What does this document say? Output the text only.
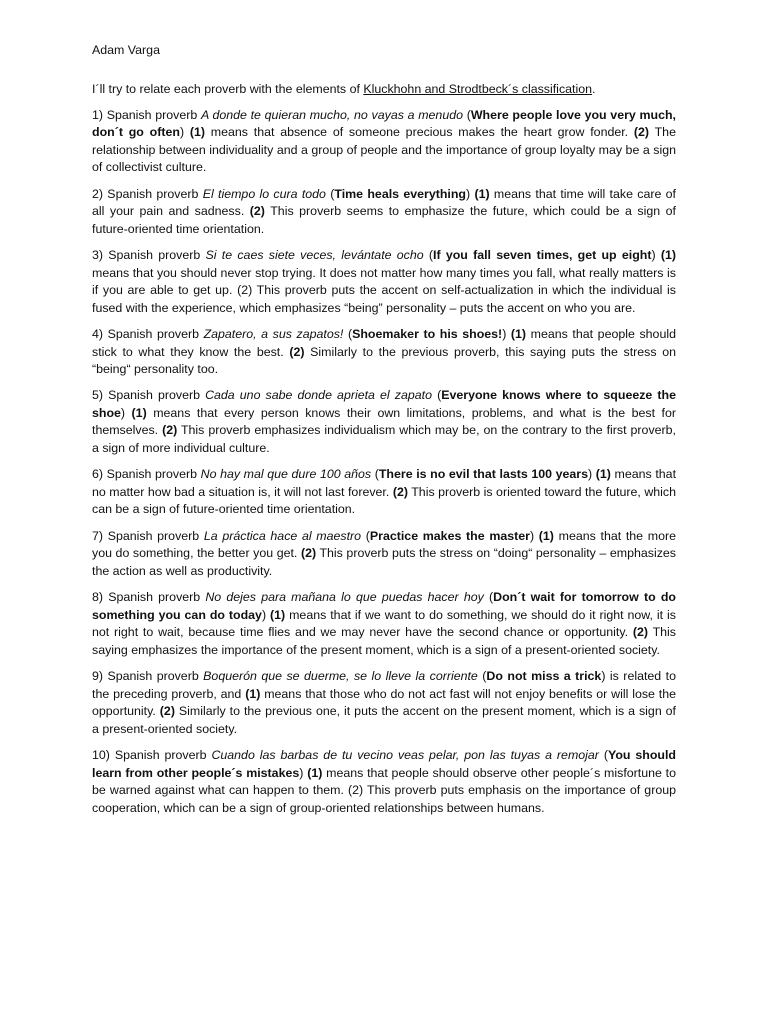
Adam Varga
I´ll try to relate each proverb with the elements of Kluckhohn and Strodtbeck´s classification.
1) Spanish proverb A donde te quieran mucho, no vayas a menudo (Where people love you very much, don´t go often) (1) means that absence of someone precious makes the heart grow fonder. (2) The relationship between individuality and a group of people and the importance of group loyalty may be a sign of collectivist culture.
2) Spanish proverb El tiempo lo cura todo (Time heals everything) (1) means that time will take care of all your pain and sadness. (2) This proverb seems to emphasize the future, which could be a sign of future-oriented time orientation.
3) Spanish proverb Si te caes siete veces, levántate ocho (If you fall seven times, get up eight) (1) means that you should never stop trying. It does not matter how many times you fall, what really matters is if you are able to get up. (2) This proverb puts the accent on self-actualization in which the individual is fused with the experience, which emphasizes “being” personality – puts the accent on who you are.
4) Spanish proverb Zapatero, a sus zapatos! (Shoemaker to his shoes!) (1) means that people should stick to what they know the best. (2) Similarly to the previous proverb, this saying puts the stress on “being“ personality too.
5) Spanish proverb Cada uno sabe donde aprieta el zapato (Everyone knows where to squeeze the shoe) (1) means that every person knows their own limitations, problems, and what is the best for themselves. (2) This proverb emphasizes individualism which may be, on the contrary to the first proverb, a sign of more individual culture.
6) Spanish proverb No hay mal que dure 100 años (There is no evil that lasts 100 years) (1) means that no matter how bad a situation is, it will not last forever. (2) This proverb is oriented toward the future, which can be a sign of future-oriented time orientation.
7) Spanish proverb La práctica hace al maestro (Practice makes the master) (1) means that the more you do something, the better you get. (2) This proverb puts the stress on “doing“ personality – emphasizes the action as well as productivity.
8) Spanish proverb No dejes para mañana lo que puedas hacer hoy (Don´t wait for tomorrow to do something you can do today) (1) means that if we want to do something, we should do it right now, it is not right to wait, because time flies and we may never have the second chance or opportunity. (2) This saying emphasizes the importance of the present moment, which is a sign of a present-oriented society.
9) Spanish proverb Boquerón que se duerme, se lo lleve la corriente (Do not miss a trick) is related to the preceding proverb, and (1) means that those who do not act fast will not enjoy benefits or will lose the opportunity. (2) Similarly to the previous one, it puts the accent on the present moment, which is a sign of a present-oriented society.
10) Spanish proverb Cuando las barbas de tu vecino veas pelar, pon las tuyas a remojar (You should learn from other people´s mistakes) (1) means that people should observe other people´s misfortune to be warned against what can happen to them. (2) This proverb puts emphasis on the importance of group cooperation, which can be a sign of group-oriented relationships between humans.
